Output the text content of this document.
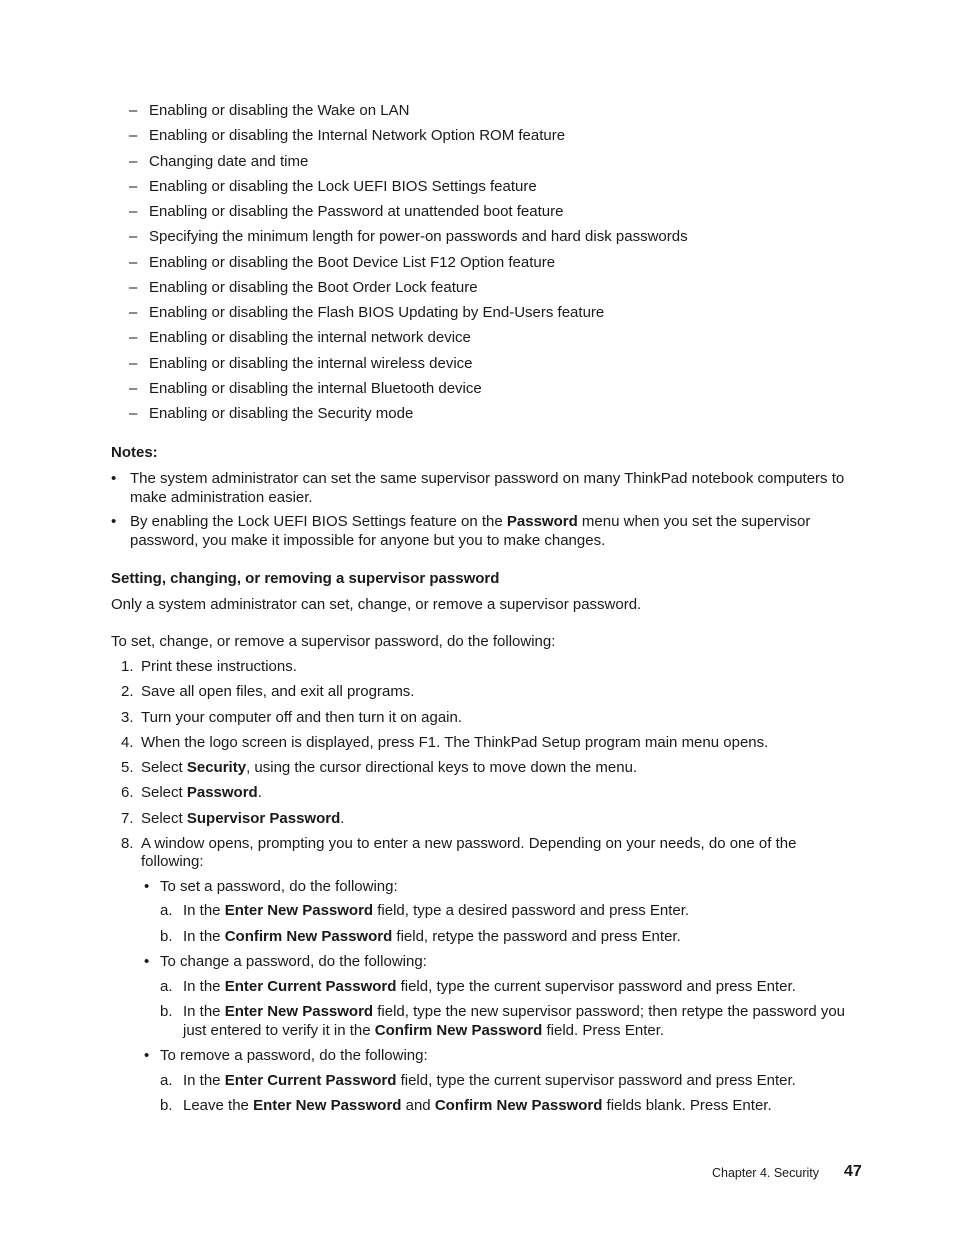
– Enabling or disabling the Wake on LAN
– Enabling or disabling the Internal Network Option ROM feature
– Changing date and time
– Enabling or disabling the Lock UEFI BIOS Settings feature
– Enabling or disabling the Password at unattended boot feature
– Specifying the minimum length for power-on passwords and hard disk passwords
– Enabling or disabling the Boot Device List F12 Option feature
– Enabling or disabling the Boot Order Lock feature
– Enabling or disabling the Flash BIOS Updating by End-Users feature
– Enabling or disabling the internal network device
– Enabling or disabling the internal wireless device
– Enabling or disabling the internal Bluetooth device
– Enabling or disabling the Security mode
Notes:
• The system administrator can set the same supervisor password on many ThinkPad notebook computers to make administration easier.
• By enabling the Lock UEFI BIOS Settings feature on the Password menu when you set the supervisor password, you make it impossible for anyone but you to make changes.
Setting, changing, or removing a supervisor password
Only a system administrator can set, change, or remove a supervisor password.
To set, change, or remove a supervisor password, do the following:
1. Print these instructions.
2. Save all open files, and exit all programs.
3. Turn your computer off and then turn it on again.
4. When the logo screen is displayed, press F1. The ThinkPad Setup program main menu opens.
5. Select Security, using the cursor directional keys to move down the menu.
6. Select Password.
7. Select Supervisor Password.
8. A window opens, prompting you to enter a new password. Depending on your needs, do one of the following:
• To set a password, do the following:
a. In the Enter New Password field, type a desired password and press Enter.
b. In the Confirm New Password field, retype the password and press Enter.
• To change a password, do the following:
a. In the Enter Current Password field, type the current supervisor password and press Enter.
b. In the Enter New Password field, type the new supervisor password; then retype the password you just entered to verify it in the Confirm New Password field. Press Enter.
• To remove a password, do the following:
a. In the Enter Current Password field, type the current supervisor password and press Enter.
b. Leave the Enter New Password and Confirm New Password fields blank. Press Enter.
Chapter 4. Security 47
